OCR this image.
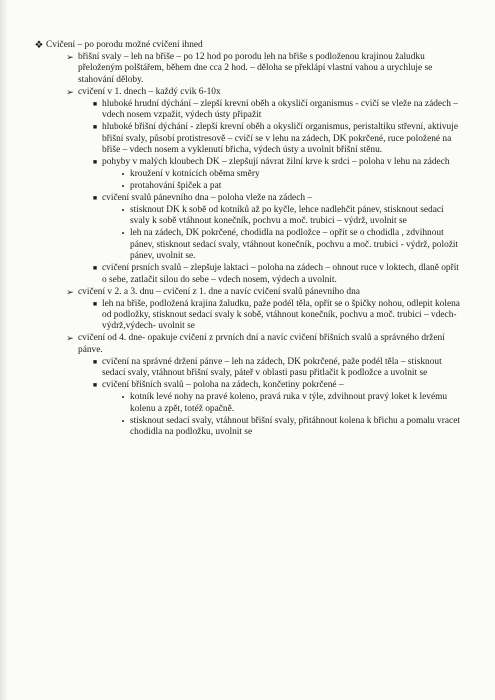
❖ Cvičení – po porodu možné cvičení ihned
➢ břišní svaly – leh na břiše – po 12 hod po porodu leh na břiše s podloženou krajinou žaludku přeloženým polštářem, během dne cca 2 hod. – děloha se překlápí vlastní vahou a urychluje se stahování děloby.
➢ cvičení v 1. dnech – každý cvik 6-10x
■ hluboké hrudní dýchání – zlepší krevní oběh a okysličí organismus - cvičí se vleže na zádech – vdech nosem vzpažit, výdech ústy připažit
■ hluboké břišní dýchání - zlepší krevní oběh a okysličí organismus, peristaltiku střevní, aktivuje břišní svaly, působí protistresově – cvičí se v lehu na zádech, DK pokrčené, ruce položené na břiše – vdech nosem a vyklenutí břicha, výdech ústy a uvolnit břišní stěnu.
■ pohyby v malých kloubech DK – zlepšují návrat žilní krve k srdci – poloha v lehu na zádech
• kroužení v kotnících oběma směry
• protahování špiček a pat
■ cvičení svalů pánevního dna – poloha vleže na zádech –
• stisknout DK k sobě od kotníků až po kyčle, lehce nadlehčit pánev, stisknout sedací svaly k sobě vtáhnout konečník, pochvu a moč. trubici – výdrž, uvolnit se
• leh na zádech, DK pokrčené, chodidla na podložce – opřít se o chodidla , zdvihnout pánev, stisknout sedací svaly, vtáhnout konečník, pochvu a moč. trubici - výdrž, položit pánev, uvolnit se.
■ cvičení prsních svalů – zlepšuje laktaci – poloha na zádech – ohnout ruce v loktech, dlaně opřít o sebe, zatlačit silou do sebe – vdech nosem, výdech a uvolnit.
➢ cvičení v 2. a 3. dnu – cvičení z 1. dne a navíc cvičení svalů pánevního dna
■ leh na břiše, podložená krajina žaludku, paže podél těla, opřít se o špičky nohou, odlepit kolena od podložky, stisknout sedací svaly k sobě, vtáhnout konečník, pochvu a moč. trubici – vdech- výdrž,výdech- uvolnit se
➢ cvičení od 4. dne- opakuje cvičení z prvních dní a navíc cvičení břišních svalů a správného držení pánve.
■ cvičení na správné držení pánve – leh na zádech, DK pokrčené, paže podél těla – stisknout sedací svaly, vtáhnout břišní svaly, páteř v oblasti pasu přitlačit k podložce a uvolnit se
■ cvičení břišních svalů – poloha na zádech, končetiny pokrčené –
• kotník levé nohy na pravé koleno, pravá ruka v týle, zdvihnout pravý loket k levému kolenu a zpět, totéž opačně.
• stisknout sedací svaly, vtáhnout břišní svaly, přitáhnout kolena k břichu a pomalu vracet chodidla na podložku, uvolnit se
